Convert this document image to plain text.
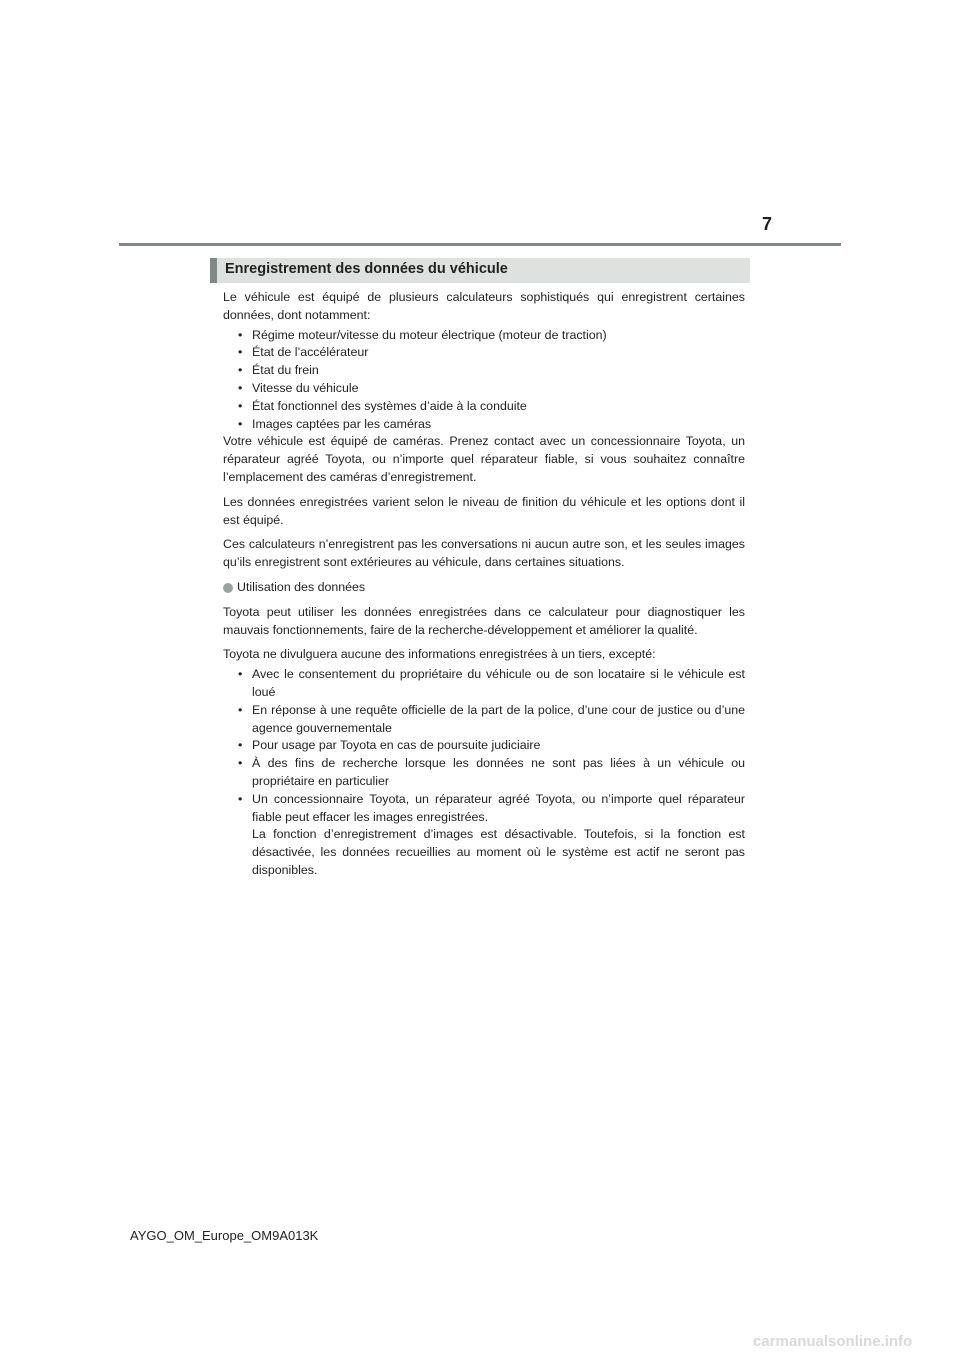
7
Enregistrement des données du véhicule

Le véhicule est équipé de plusieurs calculateurs sophistiqués qui enregistrent certaines données, dont notamment:

• Régime moteur/vitesse du moteur électrique (moteur de traction)
• État de l’accélérateur
• État du frein
• Vitesse du véhicule
• État fonctionnel des systèmes d’aide à la conduite
• Images captées par les caméras

Votre véhicule est équipé de caméras. Prenez contact avec un concessionnaire Toyota, un réparateur agréé Toyota, ou n’importe quel réparateur fiable, si vous souhaitez connaître l’emplacement des caméras d’enregistrement.

Les données enregistrées varient selon le niveau de finition du véhicule et les options dont il est équipé.

Ces calculateurs n’enregistrent pas les conversations ni aucun autre son, et les seules images qu’ils enregistrent sont extérieures au véhicule, dans certaines situations.

Utilisation des données

Toyota peut utiliser les données enregistrées dans ce calculateur pour diagnostiquer les mauvais fonctionnements, faire de la recherche-développement et améliorer la qualité.

Toyota ne divulguera aucune des informations enregistrées à un tiers, excepté:

• Avec le consentement du propriétaire du véhicule ou de son locataire si le véhicule est loué
• En réponse à une requête officielle de la part de la police, d’une cour de justice ou d’une agence gouvernementale
• Pour usage par Toyota en cas de poursuite judiciaire
• À des fins de recherche lorsque les données ne sont pas liées à un véhicule ou propriétaire en particulier
• Un concessionnaire Toyota, un réparateur agréé Toyota, ou n’importe quel réparateur fiable peut effacer les images enregistrées.
La fonction d’enregistrement d’images est désactivable. Toutefois, si la fonction est désactivée, les données recueillies au moment où le système est actif ne seront pas disponibles.
AYGO_OM_Europe_OM9A013K
carmanualsonline.info
